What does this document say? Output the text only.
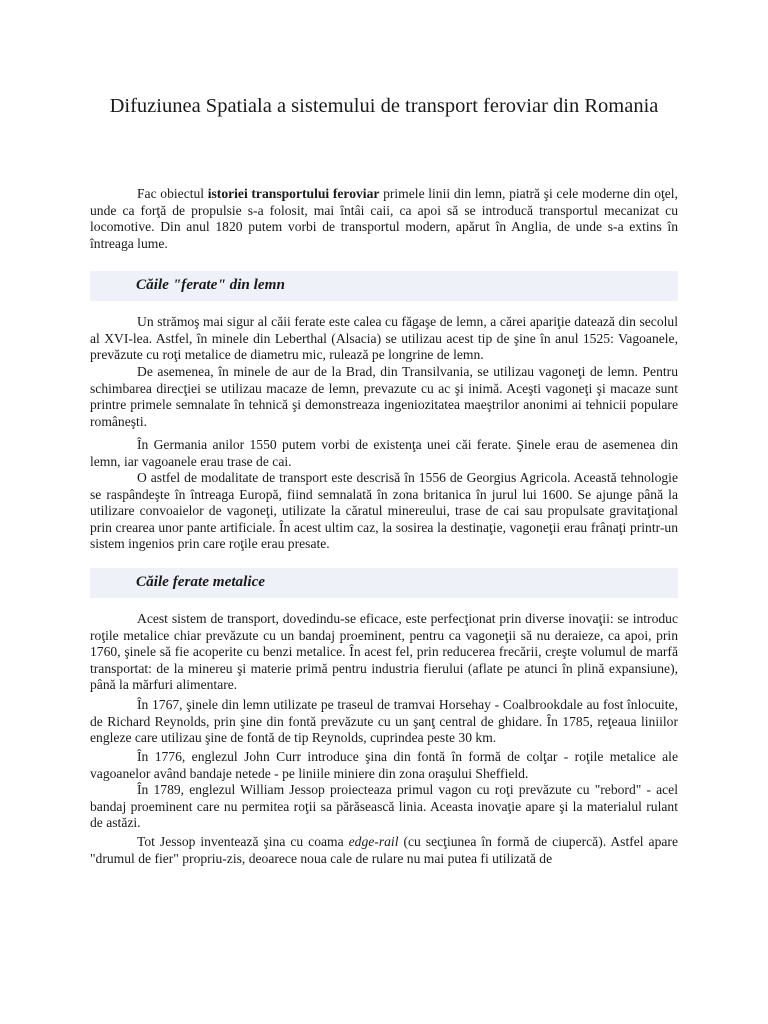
Difuziunea Spatiala a sistemului de transport feroviar din Romania

Fac obiectul istoriei transportului feroviar primele linii din lemn, piatră şi cele moderne din oţel, unde ca forţă de propulsie s-a folosit, mai întâi caii, ca apoi să se introducă transportul mecanizat cu locomotive. Din anul 1820 putem vorbi de transportul modern, apărut în Anglia, de unde s-a extins în întreaga lume.

Căile "ferate" din lemn

Un strămoş mai sigur al căii ferate este calea cu făgaşe de lemn, a cărei apariţie datează din secolul al XVI-lea. Astfel, în minele din Leberthal (Alsacia) se utilizau acest tip de şine în anul 1525: Vagoanele, prevăzute cu roţi metalice de diametru mic, rulează pe longrine de lemn.

De asemenea, în minele de aur de la Brad, din Transilvania, se utilizau vagoneţi de lemn. Pentru schimbarea direcţiei se utilizau macaze de lemn, prevazute cu ac şi inimă. Aceşti vagoneţi şi macaze sunt printre primele semnalate în tehnică şi demonstreaza ingeniozitatea maeştrilor anonimi ai tehnicii populare româneşti.

În Germania anilor 1550 putem vorbi de existenţa unei căi ferate. Şinele erau de asemenea din lemn, iar vagoanele erau trase de cai.

O astfel de modalitate de transport este descrisă în 1556 de Georgius Agricola. Această tehnologie se raspândeşte în întreaga Europă, fiind semnalată în zona britanica în jurul lui 1600. Se ajunge până la utilizare convoaielor de vagoneţi, utilizate la căratul minereului, trase de cai sau propulsate gravitaţional prin crearea unor pante artificiale. În acest ultim caz, la sosirea la destinaţie, vagoneţii erau frânaţi printr-un sistem ingenios prin care roţile erau presate.

Căile ferate metalice

Acest sistem de transport, dovedindu-se eficace, este perfecţionat prin diverse inovaţii: se introduc roţile metalice chiar prevăzute cu un bandaj proeminent, pentru ca vagoneţii să nu deraieze, ca apoi, prin 1760, şinele să fie acoperite cu benzi metalice. În acest fel, prin reducerea frecării, creşte volumul de marfă transportat: de la minereu şi materie primă pentru industria fierului (aflate pe atunci în plină expansiune), până la mărfuri alimentare.

În 1767, şinele din lemn utilizate pe traseul de tramvai Horsehay - Coalbrookdale au fost înlocuite, de Richard Reynolds, prin şine din fontă prevăzute cu un şanţ central de ghidare. În 1785, reţeaua liniilor engleze care utilizau şine de fontă de tip Reynolds, cuprindea peste 30 km.

În 1776, englezul John Curr introduce şina din fontă în formă de colţar - roţile metalice ale vagoanelor având bandaje netede - pe liniile miniere din zona oraşului Sheffield.

În 1789, englezul William Jessop proiecteaza primul vagon cu roţi prevăzute cu "rebord" - acel bandaj proeminent care nu permitea roţii sa părăsească linia. Aceasta inovaţie apare şi la materialul rulant de astăzi.

Tot Jessop inventează şina cu coama edge-rail (cu secţiunea în formă de ciupercă). Astfel apare "drumul de fier" propriu-zis, deoarece noua cale de rulare nu mai putea fi utilizată de
